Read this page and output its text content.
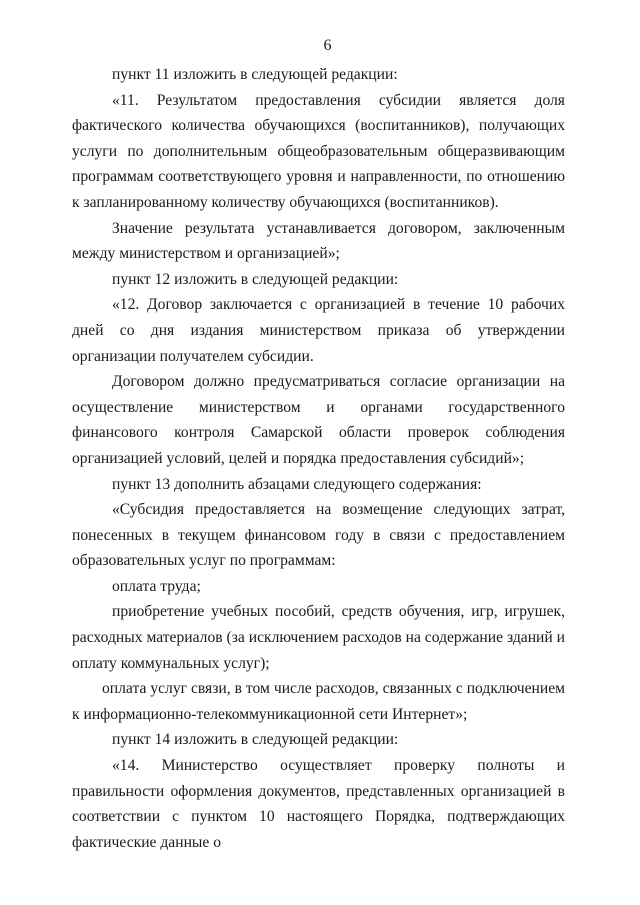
6

пункт 11 изложить в следующей редакции:

«11. Результатом предоставления субсидии является доля фактического количества обучающихся (воспитанников), получающих услуги по дополнительным общеобразовательным общеразвивающим программам соответствующего уровня и направленности, по отношению к запланированному количеству обучающихся (воспитанников).

Значение результата устанавливается договором, заключенным между министерством и организацией»;

пункт 12 изложить в следующей редакции:

«12. Договор заключается с организацией в течение 10 рабочих дней со дня издания министерством приказа об утверждении организации получателем субсидии.

Договором должно предусматриваться согласие организации на осуществление министерством и органами государственного финансового контроля Самарской области проверок соблюдения организацией условий, целей и порядка предоставления субсидий»;

пункт 13 дополнить абзацами следующего содержания:

«Субсидия предоставляется на возмещение следующих затрат, понесенных в текущем финансовом году в связи с предоставлением образовательных услуг по программам:

оплата труда;

приобретение учебных пособий, средств обучения, игр, игрушек, расходных материалов (за исключением расходов на содержание зданий и оплату коммунальных услуг);

оплата услуг связи, в том числе расходов, связанных с подключением к информационно-телекоммуникационной сети Интернет»;

пункт 14 изложить в следующей редакции:

«14. Министерство осуществляет проверку полноты и правильности оформления документов, представленных организацией в соответствии с пунктом 10 настоящего Порядка, подтверждающих фактические данные о
